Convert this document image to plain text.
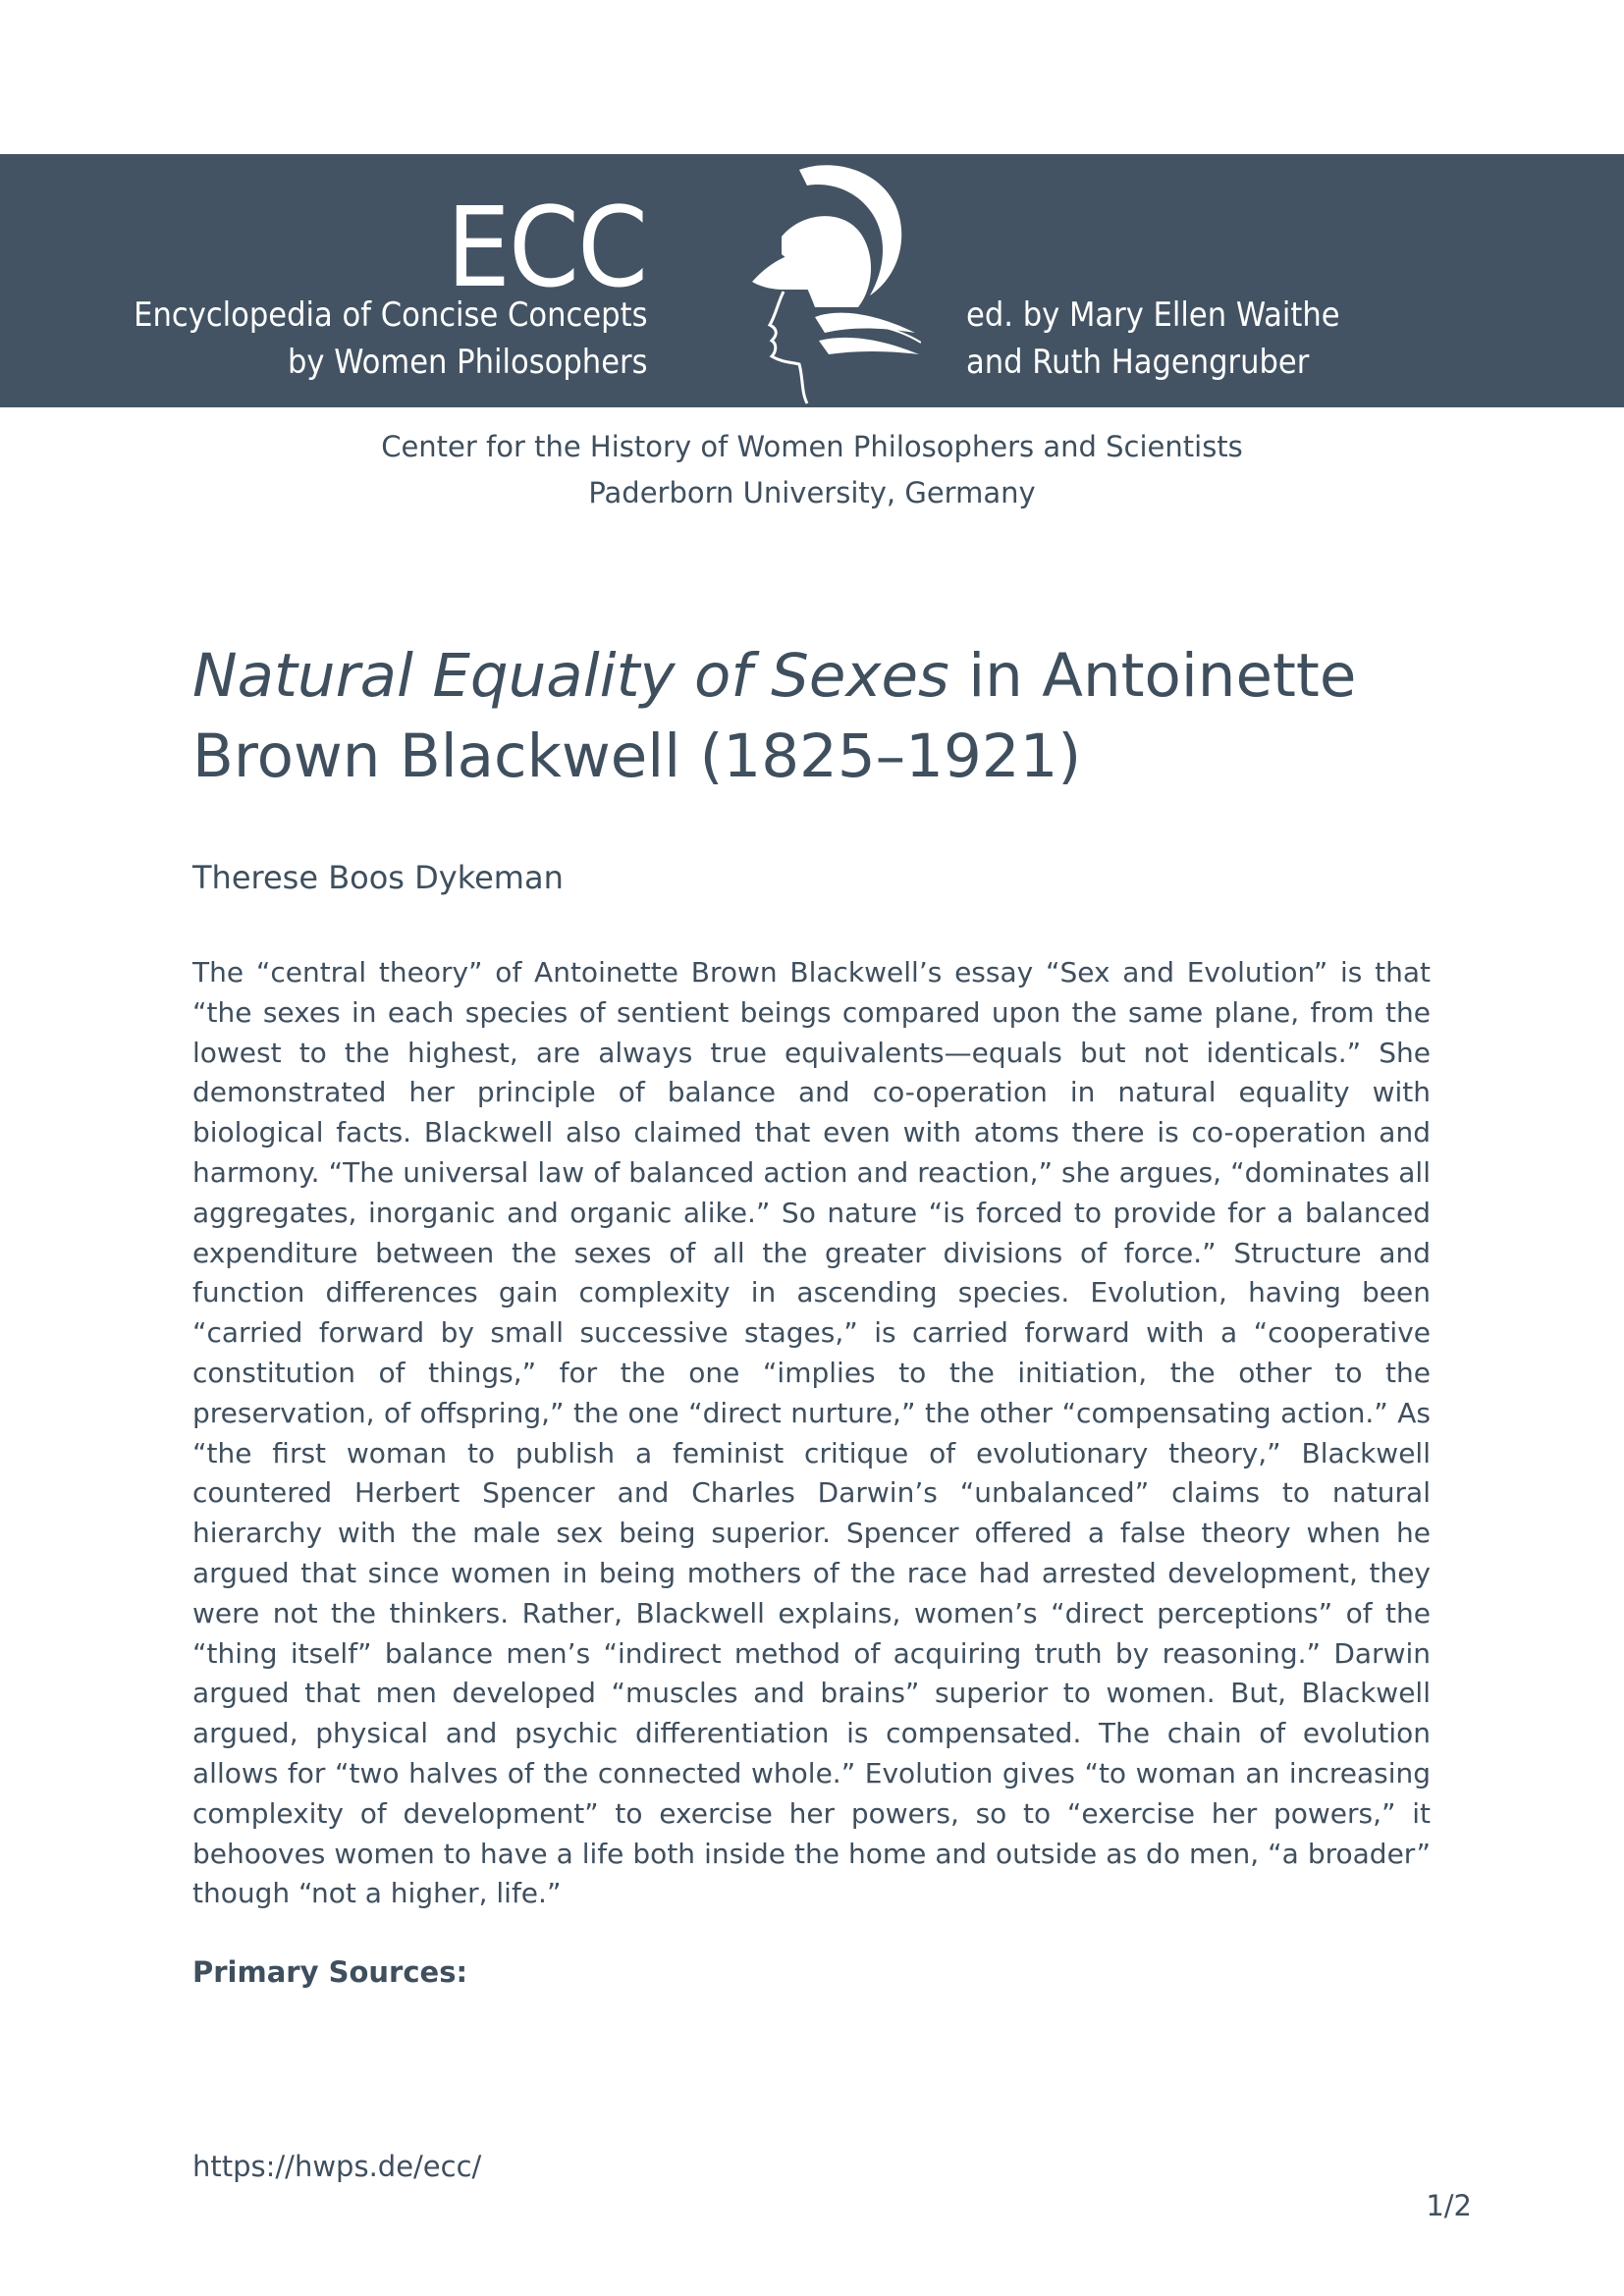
ECC
Encyclopedia of Concise Concepts
by Women Philosophers
ed. by Mary Ellen Waithe
and Ruth Hagengruber
Center for the History of Women Philosophers and Scientists
Paderborn University, Germany
Natural Equality of Sexes in Antoinette Brown Blackwell (1825–1921)
Therese Boos Dykeman

The “central theory” of Antoinette Brown Blackwell’s essay “Sex and Evolution” is that “the sexes in each species of sentient beings compared upon the same plane, from the lowest to the highest, are always true equivalents—equals but not identicals.” She demonstrated her principle of balance and co-operation in natural equality with biological facts. Blackwell also claimed that even with atoms there is co-operation and harmony. “The universal law of balanced action and reaction,” she argues, “dominates all aggregates, inorganic and organic alike.” So nature “is forced to provide for a balanced expenditure between the sexes of all the greater divisions of force.” Structure and function differences gain complexity in ascending species. Evolution, having been “carried forward by small successive stages,” is carried forward with a “cooperative constitution of things,” for the one “implies to the initiation, the other to the preservation, of offspring,” the one “direct nurture,” the other “compensating action.” As “the first woman to publish a feminist critique of evolutionary theory,” Blackwell countered Herbert Spencer and Charles Darwin’s “unbalanced” claims to natural hierarchy with the male sex being superior. Spencer offered a false theory when he argued that since women in being mothers of the race had arrested development, they were not the thinkers. Rather, Blackwell explains, women’s “direct perceptions” of the “thing itself” balance men’s “indirect method of acquiring truth by reasoning.” Darwin argued that men developed “muscles and brains” superior to women. But, Blackwell argued, physical and psychic differentiation is compensated. The chain of evolution allows for “two halves of the connected whole.” Evolution gives “to woman an increasing complexity of development” to exercise her powers, so to “exercise her powers,” it behooves women to have a life both inside the home and outside as do men, “a broader” though “not a higher, life.”

Primary Sources:
https://hwps.de/ecc/
1/2
